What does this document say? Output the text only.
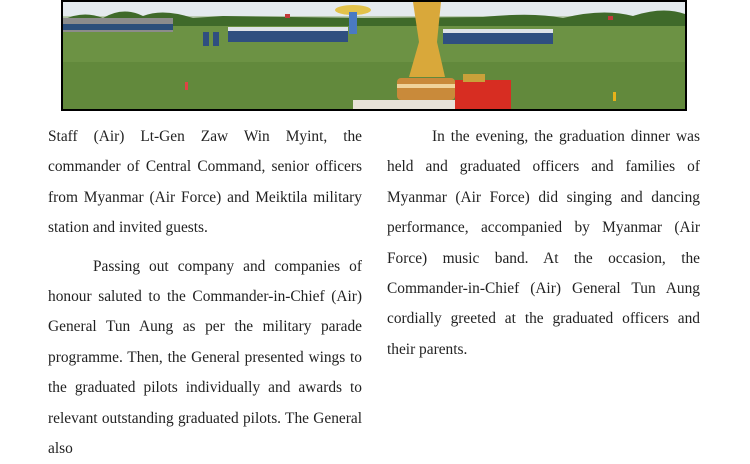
Staff (Air) Lt-Gen Zaw Win Myint, the commander of Central Command, senior officers from Myanmar (Air Force) and Meiktila military station and invited guests.

Passing out company and companies of honour saluted to the Commander-in-Chief (Air) General Tun Aung as per the military parade programme. Then, the General presented wings to the graduated pilots individually and awards to relevant outstanding graduated pilots. The General also

In the evening, the graduation dinner was held and graduated officers and families of Myanmar (Air Force) did singing and dancing performance, accompanied by Myanmar (Air Force) music band. At the occasion, the Commander-in-Chief (Air) General Tun Aung cordially greeted at the graduated officers and their parents.
